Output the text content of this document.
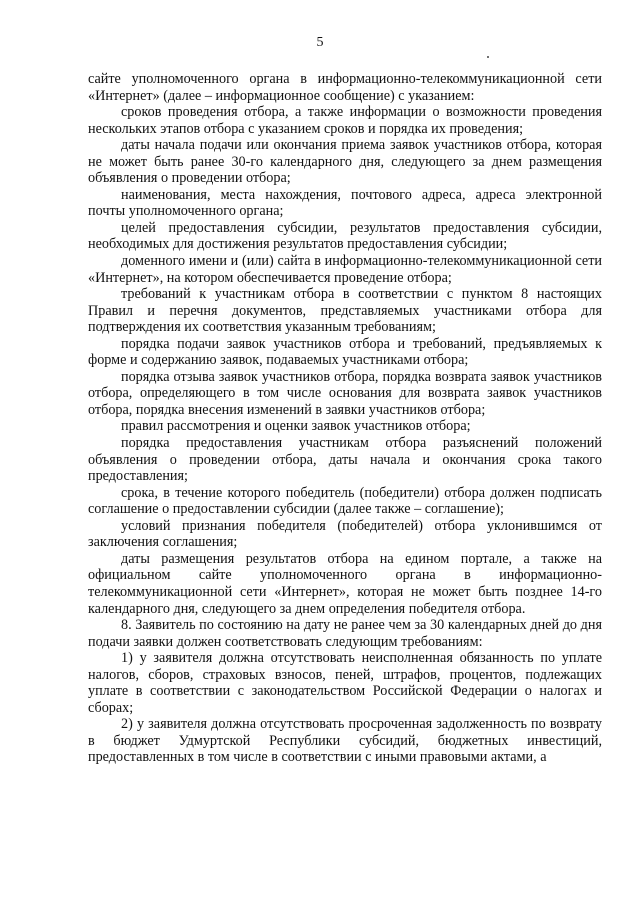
5

сайте уполномоченного органа в информационно-телекоммуникационной сети «Интернет» (далее – информационное сообщение) с указанием:

сроков проведения отбора, а также информации о возможности проведения нескольких этапов отбора с указанием сроков и порядка их проведения;

даты начала подачи или окончания приема заявок участников отбора, которая не может быть ранее 30-го календарного дня, следующего за днем размещения объявления о проведении отбора;

наименования, места нахождения, почтового адреса, адреса электронной почты уполномоченного органа;

целей предоставления субсидии, результатов предоставления субсидии, необходимых для достижения результатов предоставления субсидии;

доменного имени и (или) сайта в информационно-телекоммуникационной сети «Интернет», на котором обеспечивается проведение отбора;

требований к участникам отбора в соответствии с пунктом 8 настоящих Правил и перечня документов, представляемых участниками отбора для подтверждения их соответствия указанным требованиям;

порядка подачи заявок участников отбора и требований, предъявляемых к форме и содержанию заявок, подаваемых участниками отбора;

порядка отзыва заявок участников отбора, порядка возврата заявок участников отбора, определяющего в том числе основания для возврата заявок участников отбора, порядка внесения изменений в заявки участников отбора;

правил рассмотрения и оценки заявок участников отбора;

порядка предоставления участникам отбора разъяснений положений объявления о проведении отбора, даты начала и окончания срока такого предоставления;

срока, в течение которого победитель (победители) отбора должен подписать соглашение о предоставлении субсидии (далее также – соглашение);

условий признания победителя (победителей) отбора уклонившимся от заключения соглашения;

даты размещения результатов отбора на едином портале, а также на официальном сайте уполномоченного органа в информационно-телекоммуникационной сети «Интернет», которая не может быть позднее 14-го календарного дня, следующего за днем определения победителя отбора.

8. Заявитель по состоянию на дату не ранее чем за 30 календарных дней до дня подачи заявки должен соответствовать следующим требованиям:

1) у заявителя должна отсутствовать неисполненная обязанность по уплате налогов, сборов, страховых взносов, пеней, штрафов, процентов, подлежащих уплате в соответствии с законодательством Российской Федерации о налогах и сборах;

2) у заявителя должна отсутствовать просроченная задолженность по возврату в бюджет Удмуртской Республики субсидий, бюджетных инвестиций, предоставленных в том числе в соответствии с иными правовыми актами, а
